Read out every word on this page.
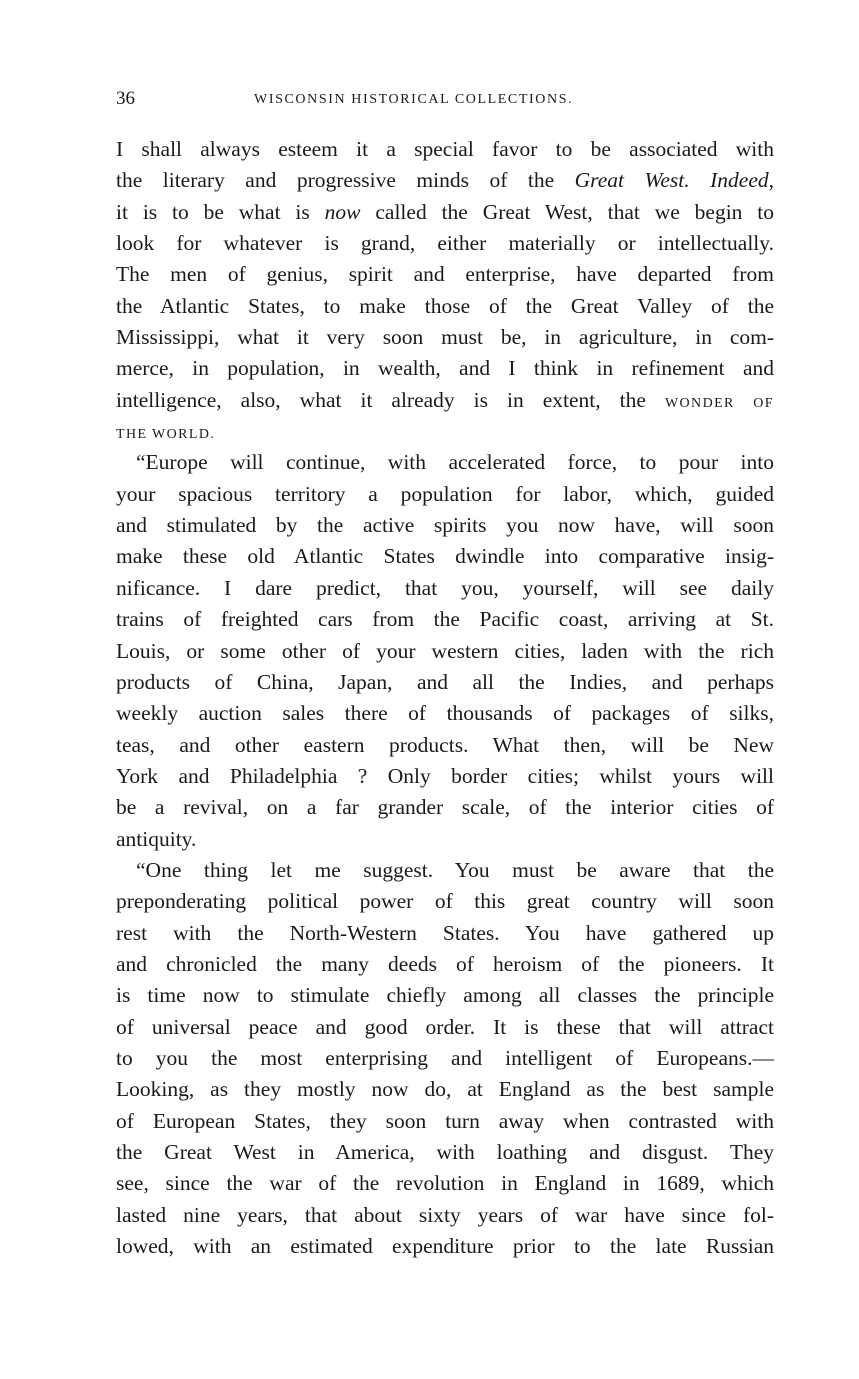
36	WISCONSIN HISTORICAL COLLECTIONS.
I shall always esteem it a special favor to be associated with
the literary and progressive minds of the Great West. Indeed,
it is to be what is now called the Great West, that we begin to
look for whatever is grand, either materially or intellectually.
The men of genius, spirit and enterprise, have departed from
the Atlantic States, to make those of the Great Valley of the
Mississippi, what it very soon must be, in agriculture, in com-
merce, in population, in wealth, and I think in refinement and
intelligence, also, what it already is in extent, the WONDER OF
THE WORLD.
“Europe will continue, with accelerated force, to pour into
your spacious territory a population for labor, which, guided
and stimulated by the active spirits you now have, will soon
make these old Atlantic States dwindle into comparative insig-
nificance. I dare predict, that you, yourself, will see daily
trains of freighted cars from the Pacific coast, arriving at St.
Louis, or some other of your western cities, laden with the rich
products of China, Japan, and all the Indies, and perhaps
weekly auction sales there of thousands of packages of silks,
teas, and other eastern products. What then, will be New
York and Philadelphia ? Only border cities; whilst yours will
be a revival, on a far grander scale, of the interior cities of
antiquity.
“One thing let me suggest. You must be aware that the
preponderating political power of this great country will soon
rest with the North-Western States. You have gathered up
and chronicled the many deeds of heroism of the pioneers. It
is time now to stimulate chiefly among all classes the principle
of universal peace and good order. It is these that will attract
to you the most enterprising and intelligent of Europeans.—
Looking, as they mostly now do, at England as the best sample
of European States, they soon turn away when contrasted with
the Great West in America, with loathing and disgust. They
see, since the war of the revolution in England in 1689, which
lasted nine years, that about sixty years of war have since fol-
lowed, with an estimated expenditure prior to the late Russian
